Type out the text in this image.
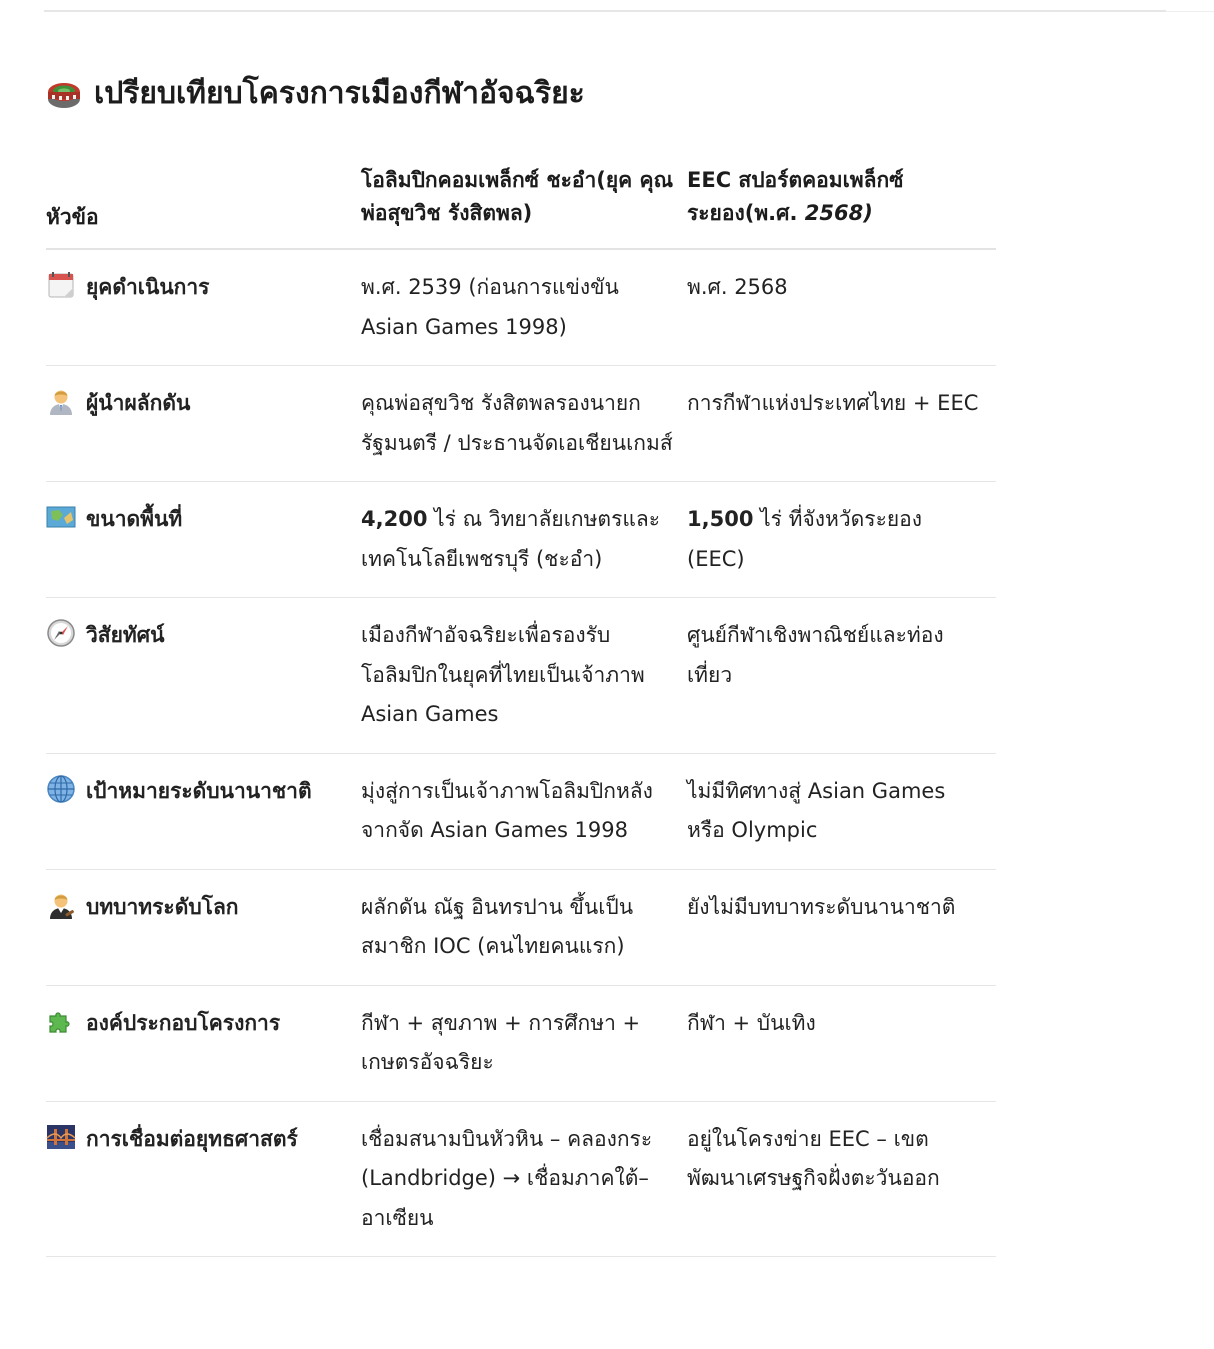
เปรียบเทียบโครงการเมืองกีฬาอัจฉริยะ
หัวข้อ	โอลิมปิกคอมเพล็กซ์ ชะอำ(ยุค คุณพ่อสุขวิช รังสิตพล)	EEC สปอร์ตคอมเพล็กซ์ ระยอง(พ.ศ. 2568)
ยุคดำเนินการ	พ.ศ. 2539 (ก่อนการแข่งขัน Asian Games 1998)	พ.ศ. 2568
ผู้นำผลักดัน	คุณพ่อสุขวิช รังสิตพลรองนายกรัฐมนตรี / ประธานจัดเอเชียนเกมส์	การกีฬาแห่งประเทศไทย + EEC
ขนาดพื้นที่	4,200 ไร่ ณ วิทยาลัยเกษตรและเทคโนโลยีเพชรบุรี (ชะอำ)	1,500 ไร่ ที่จังหวัดระยอง (EEC)
วิสัยทัศน์	เมืองกีฬาอัจฉริยะเพื่อรองรับโอลิมปิกในยุคที่ไทยเป็นเจ้าภาพ Asian Games	ศูนย์กีฬาเชิงพาณิชย์และท่องเที่ยว
เป้าหมายระดับนานาชาติ	มุ่งสู่การเป็นเจ้าภาพโอลิมปิกหลังจากจัด Asian Games 1998	ไม่มีทิศทางสู่ Asian Games หรือ Olympic
บทบาทระดับโลก	ผลักดัน ณัฐ อินทรปาน ขึ้นเป็นสมาชิก IOC (คนไทยคนแรก)	ยังไม่มีบทบาทระดับนานาชาติ
องค์ประกอบโครงการ	กีฬา + สุขภาพ + การศึกษา + เกษตรอัจฉริยะ	กีฬา + บันเทิง
การเชื่อมต่อยุทธศาสตร์	เชื่อมสนามบินหัวหิน – คลองกระ (Landbridge) → เชื่อมภาคใต้–อาเซียน	อยู่ในโครงข่าย EEC – เขตพัฒนาเศรษฐกิจฝั่งตะวันออก
